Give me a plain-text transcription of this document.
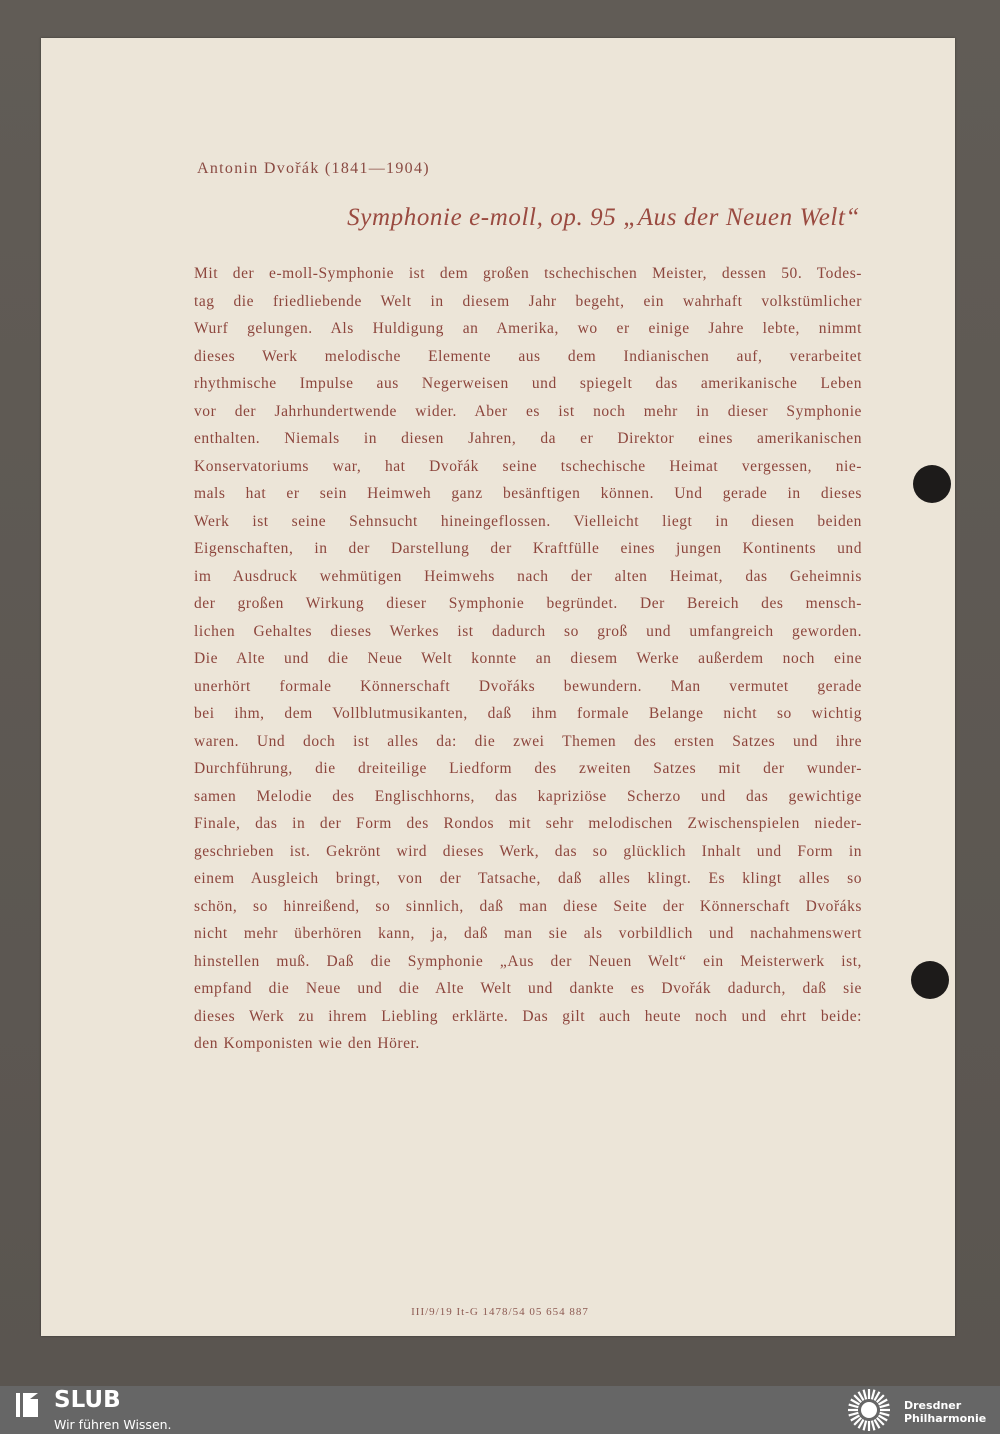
Antonin Dvořák (1841—1904)
Symphonie e-moll, op. 95 „Aus der Neuen Welt“
Mit der e-moll-Symphonie ist dem großen tschechischen Meister, dessen 50. Todes-
tag die friedliebende Welt in diesem Jahr begeht, ein wahrhaft volkstümlicher
Wurf gelungen. Als Huldigung an Amerika, wo er einige Jahre lebte, nimmt
dieses Werk melodische Elemente aus dem Indianischen auf, verarbeitet
rhythmische Impulse aus Negerweisen und spiegelt das amerikanische Leben
vor der Jahrhundertwende wider. Aber es ist noch mehr in dieser Symphonie
enthalten. Niemals in diesen Jahren, da er Direktor eines amerikanischen
Konservatoriums war, hat Dvořák seine tschechische Heimat vergessen, nie-
mals hat er sein Heimweh ganz besänftigen können. Und gerade in dieses
Werk ist seine Sehnsucht hineingeflossen. Vielleicht liegt in diesen beiden
Eigenschaften, in der Darstellung der Kraftfülle eines jungen Kontinents und
im Ausdruck wehmütigen Heimwehs nach der alten Heimat, das Geheimnis
der großen Wirkung dieser Symphonie begründet. Der Bereich des mensch-
lichen Gehaltes dieses Werkes ist dadurch so groß und umfangreich geworden.
Die Alte und die Neue Welt konnte an diesem Werke außerdem noch eine
unerhört formale Könnerschaft Dvořáks bewundern. Man vermutet gerade
bei ihm, dem Vollblutmusikanten, daß ihm formale Belange nicht so wichtig
waren. Und doch ist alles da: die zwei Themen des ersten Satzes und ihre
Durchführung, die dreiteilige Liedform des zweiten Satzes mit der wunder-
samen Melodie des Englischhorns, das kapriziöse Scherzo und das gewichtige
Finale, das in der Form des Rondos mit sehr melodischen Zwischenspielen nieder-
geschrieben ist. Gekrönt wird dieses Werk, das so glücklich Inhalt und Form in
einem Ausgleich bringt, von der Tatsache, daß alles klingt. Es klingt alles so
schön, so hinreißend, so sinnlich, daß man diese Seite der Könnerschaft Dvořáks
nicht mehr überhören kann, ja, daß man sie als vorbildlich und nachahmenswert
hinstellen muß. Daß die Symphonie „Aus der Neuen Welt“ ein Meisterwerk ist,
empfand die Neue und die Alte Welt und dankte es Dvořák dadurch, daß sie
dieses Werk zu ihrem Liebling erklärte. Das gilt auch heute noch und ehrt beide:
den Komponisten wie den Hörer.
III/9/19 It-G 1478/54 05 654 887
SLUB
Wir führen Wissen.
Dresdner
Philharmonie
